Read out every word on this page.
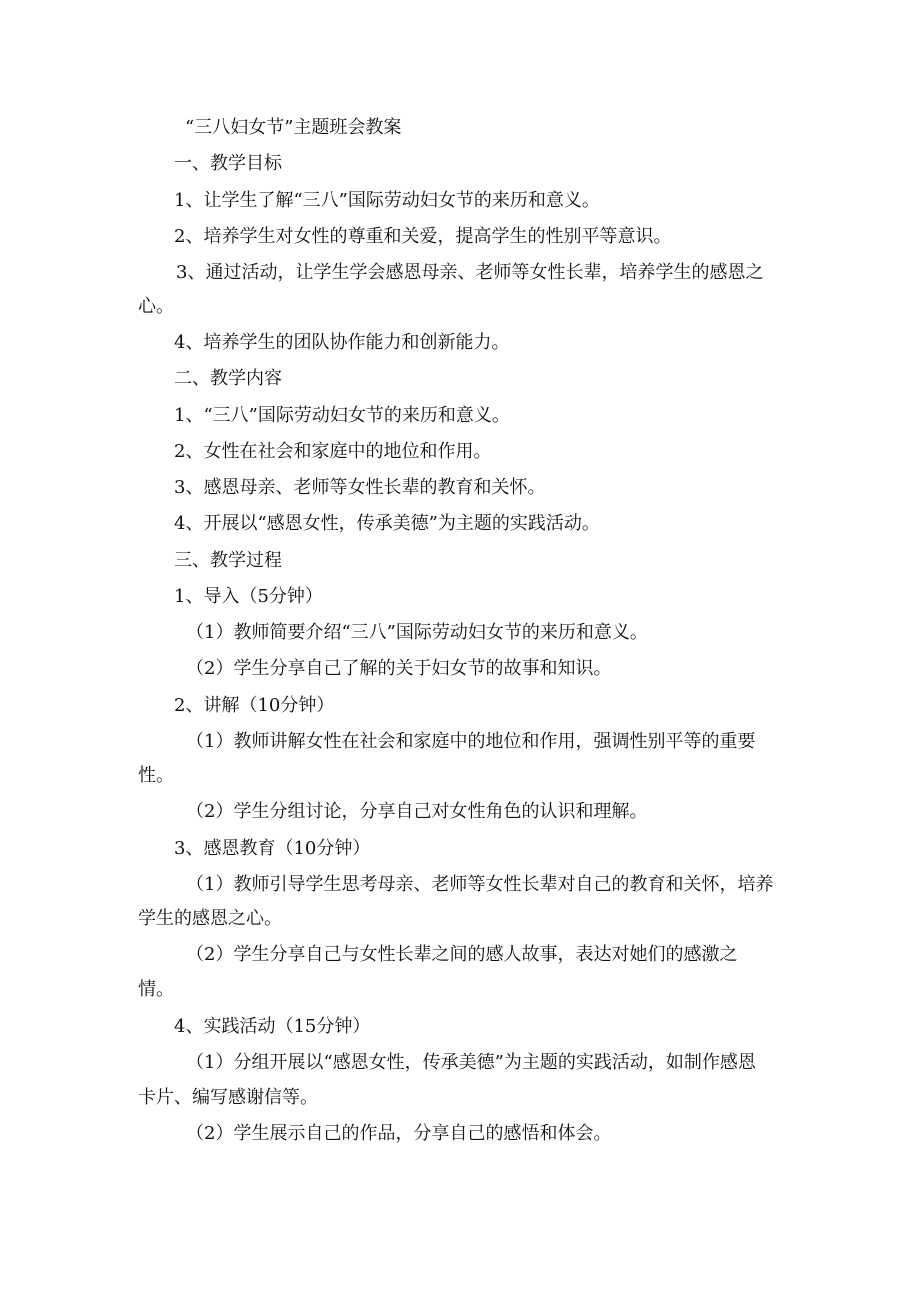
“三八妇女节”主题班会教案
一、教学目标
1、让学生了解“三八”国际劳动妇女节的来历和意义。
2、培养学生对女性的尊重和关爱，提高学生的性别平等意识。
3、通过活动，让学生学会感恩母亲、老师等女性长辈，培养学生的感恩之
心。
4、培养学生的团队协作能力和创新能力。
二、教学内容
1、“三八”国际劳动妇女节的来历和意义。
2、女性在社会和家庭中的地位和作用。
3、感恩母亲、老师等女性长辈的教育和关怀。
4、开展以“感恩女性，传承美德”为主题的实践活动。
三、教学过程
1、导入（5分钟）
（1）教师简要介绍“三八”国际劳动妇女节的来历和意义。
（2）学生分享自己了解的关于妇女节的故事和知识。
2、讲解（10分钟）
（1）教师讲解女性在社会和家庭中的地位和作用，强调性别平等的重要
性。
（2）学生分组讨论，分享自己对女性角色的认识和理解。
3、感恩教育（10分钟）
（1）教师引导学生思考母亲、老师等女性长辈对自己的教育和关怀，培养
学生的感恩之心。
（2）学生分享自己与女性长辈之间的感人故事，表达对她们的感激之
情。
4、实践活动（15分钟）
（1）分组开展以“感恩女性，传承美德”为主题的实践活动，如制作感恩
卡片、编写感谢信等。
（2）学生展示自己的作品，分享自己的感悟和体会。
